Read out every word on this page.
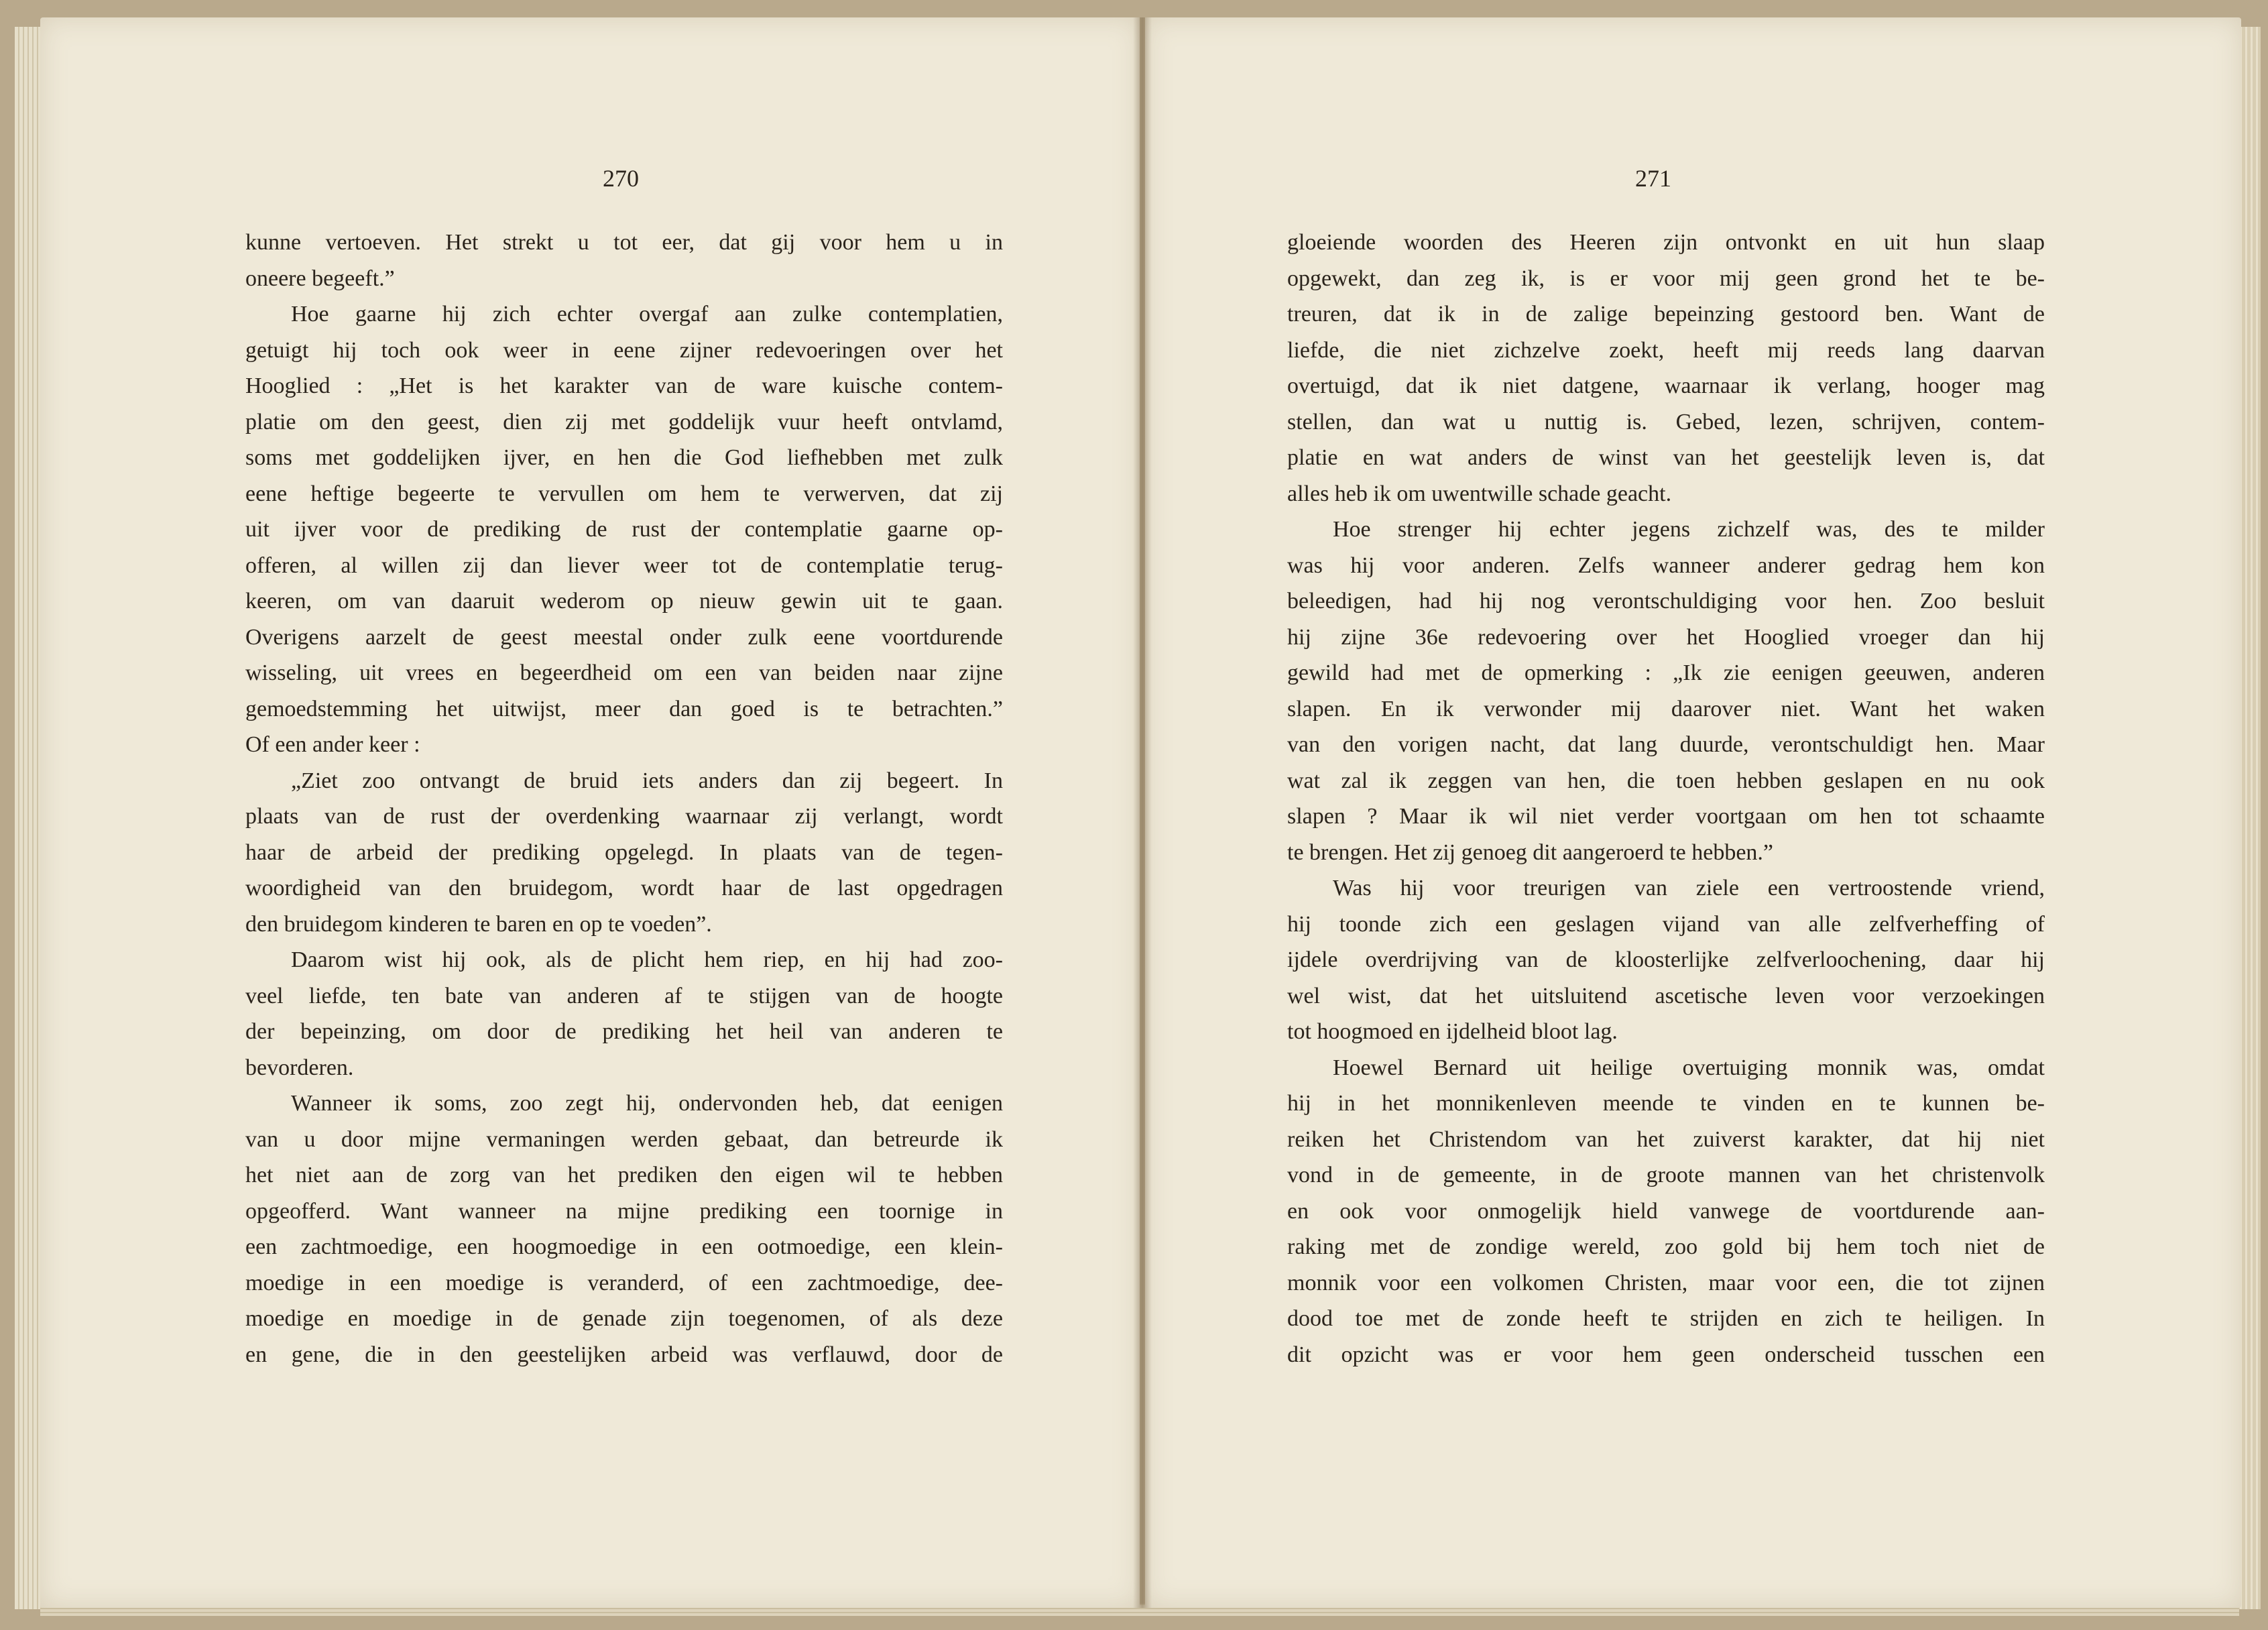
270	271
kunne vertoeven. Het strekt u tot eer, dat gij voor hem u in
oneere begeeft.”
Hoe gaarne hij zich echter overgaf aan zulke contemplatien,
getuigt hij toch ook weer in eene zijner redevoeringen over het
Hooglied : „Het is het karakter van de ware kuische contem-
platie om den geest, dien zij met goddelijk vuur heeft ontvlamd,
soms met goddelijken ijver, en hen die God liefhebben met zulk
eene heftige begeerte te vervullen om hem te verwerven, dat zij
uit ijver voor de prediking de rust der contemplatie gaarne op-
offeren, al willen zij dan liever weer tot de contemplatie terug-
keeren, om van daaruit wederom op nieuw gewin uit te gaan.
Overigens aarzelt de geest meestal onder zulk eene voortdurende
wisseling, uit vrees en begeerdheid om een van beiden naar zijne
gemoedstemming het uitwijst, meer dan goed is te betrachten.”
Of een ander keer :
„Ziet zoo ontvangt de bruid iets anders dan zij begeert. In
plaats van de rust der overdenking waarnaar zij verlangt, wordt
haar de arbeid der prediking opgelegd. In plaats van de tegen-
woordigheid van den bruidegom, wordt haar de last opgedragen
den bruidegom kinderen te baren en op te voeden”.
Daarom wist hij ook, als de plicht hem riep, en hij had zoo-
veel liefde, ten bate van anderen af te stijgen van de hoogte
der bepeinzing, om door de prediking het heil van anderen te
bevorderen.
Wanneer ik soms, zoo zegt hij, ondervonden heb, dat eenigen
van u door mijne vermaningen werden gebaat, dan betreurde ik
het niet aan de zorg van het prediken den eigen wil te hebben
opgeofferd. Want wanneer na mijne prediking een toornige in
een zachtmoedige, een hoogmoedige in een ootmoedige, een klein-
moedige in een moedige is veranderd, of een zachtmoedige, dee-
moedige en moedige in de genade zijn toegenomen, of als deze
en gene, die in den geestelijken arbeid was verflauwd, door de
gloeiende woorden des Heeren zijn ontvonkt en uit hun slaap
opgewekt, dan zeg ik, is er voor mij geen grond het te be-
treuren, dat ik in de zalige bepeinzing gestoord ben. Want de
liefde, die niet zichzelve zoekt, heeft mij reeds lang daarvan
overtuigd, dat ik niet datgene, waarnaar ik verlang, hooger mag
stellen, dan wat u nuttig is. Gebed, lezen, schrijven, contem-
platie en wat anders de winst van het geestelijk leven is, dat
alles heb ik om uwentwille schade geacht.
Hoe strenger hij echter jegens zichzelf was, des te milder
was hij voor anderen. Zelfs wanneer anderer gedrag hem kon
beleedigen, had hij nog verontschuldiging voor hen. Zoo besluit
hij zijne 36e redevoering over het Hooglied vroeger dan hij
gewild had met de opmerking : „Ik zie eenigen geeuwen, anderen
slapen. En ik verwonder mij daarover niet. Want het waken
van den vorigen nacht, dat lang duurde, verontschuldigt hen. Maar
wat zal ik zeggen van hen, die toen hebben geslapen en nu ook
slapen ? Maar ik wil niet verder voortgaan om hen tot schaamte
te brengen. Het zij genoeg dit aangeroerd te hebben.”
Was hij voor treurigen van ziele een vertroostende vriend,
hij toonde zich een geslagen vijand van alle zelfverheffing of
ijdele overdrijving van de kloosterlijke zelfverloochening, daar hij
wel wist, dat het uitsluitend ascetische leven voor verzoekingen
tot hoogmoed en ijdelheid bloot lag.
Hoewel Bernard uit heilige overtuiging monnik was, omdat
hij in het monnikenleven meende te vinden en te kunnen be-
reiken het Christendom van het zuiverst karakter, dat hij niet
vond in de gemeente, in de groote mannen van het christenvolk
en ook voor onmogelijk hield vanwege de voortdurende aan-
raking met de zondige wereld, zoo gold bij hem toch niet de
monnik voor een volkomen Christen, maar voor een, die tot zijnen
dood toe met de zonde heeft te strijden en zich te heiligen. In
dit opzicht was er voor hem geen onderscheid tusschen een
